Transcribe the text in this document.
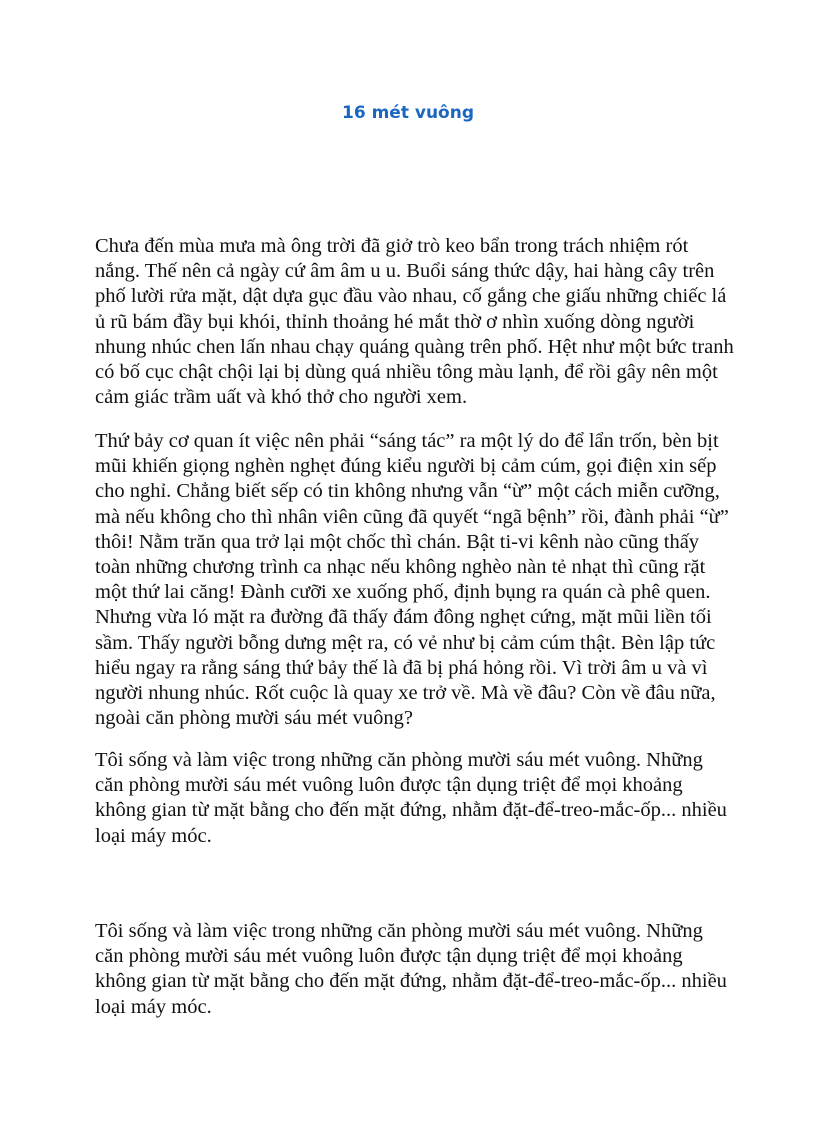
16 mét vuông

Chưa đến mùa mưa mà ông trời đã giở trò keo bẩn trong trách nhiệm rót
nắng. Thế nên cả ngày cứ âm âm u u. Buổi sáng thức dậy, hai hàng cây trên
phố lười rửa mặt, dật dựa gục đầu vào nhau, cố gắng che giấu những chiếc lá
ủ rũ bám đầy bụi khói, thỉnh thoảng hé mắt thờ ơ nhìn xuống dòng người
nhung nhúc chen lấn nhau chạy quáng quàng trên phố. Hệt như một bức tranh
có bố cục chật chội lại bị dùng quá nhiều tông màu lạnh, để rồi gây nên một
cảm giác trầm uất và khó thở cho người xem.

Thứ bảy cơ quan ít việc nên phải “sáng tác” ra một lý do để lẩn trốn, bèn bịt
mũi khiến giọng nghèn nghẹt đúng kiểu người bị cảm cúm, gọi điện xin sếp
cho nghỉ. Chẳng biết sếp có tin không nhưng vẫn “ừ” một cách miễn cưỡng,
mà nếu không cho thì nhân viên cũng đã quyết “ngã bệnh” rồi, đành phải “ừ”
thôi! Nằm trăn qua trở lại một chốc thì chán. Bật ti-vi kênh nào cũng thấy
toàn những chương trình ca nhạc nếu không nghèo nàn tẻ nhạt thì cũng rặt
một thứ lai căng! Đành cưỡi xe xuống phố, định bụng ra quán cà phê quen.
Nhưng vừa ló mặt ra đường đã thấy đám đông nghẹt cứng, mặt mũi liền tối
sầm. Thấy người bỗng dưng mệt ra, có vẻ như bị cảm cúm thật. Bèn lập tức
hiểu ngay ra rằng sáng thứ bảy thế là đã bị phá hỏng rồi. Vì trời âm u và vì
người nhung nhúc. Rốt cuộc là quay xe trở về. Mà về đâu? Còn về đâu nữa,
ngoài căn phòng mười sáu mét vuông?

Tôi sống và làm việc trong những căn phòng mười sáu mét vuông. Những
căn phòng mười sáu mét vuông luôn được tận dụng triệt để mọi khoảng
không gian từ mặt bằng cho đến mặt đứng, nhằm đặt-để-treo-mắc-ốp... nhiều
loại máy móc.

Tôi sống và làm việc trong những căn phòng mười sáu mét vuông. Những
căn phòng mười sáu mét vuông luôn được tận dụng triệt để mọi khoảng
không gian từ mặt bằng cho đến mặt đứng, nhằm đặt-để-treo-mắc-ốp... nhiều
loại máy móc.
